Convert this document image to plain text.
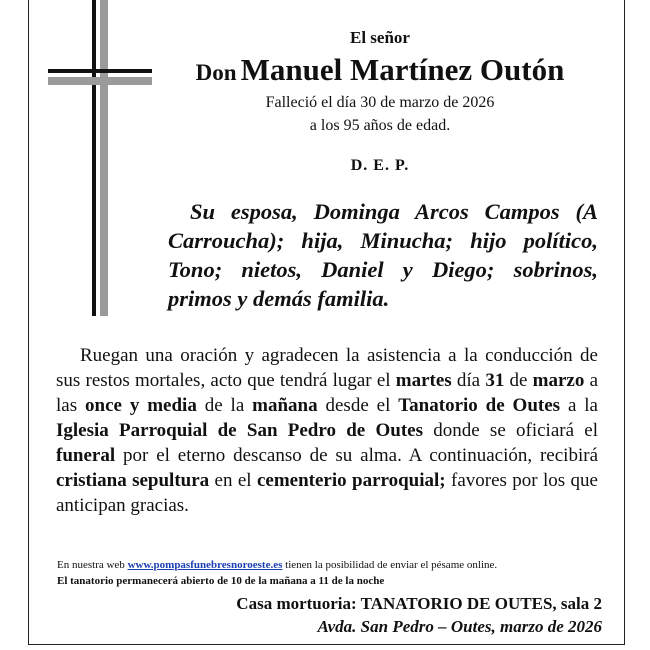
El señor
Don Manuel Martínez Outón
Falleció el día 30 de marzo de 2026
a los 95 años de edad.
D. E. P.
Su esposa, Dominga Arcos Campos (A Carroucha); hija, Minucha; hijo político, Tono; nietos, Daniel y Diego; sobrinos, primos y demás familia.
Ruegan una oración y agradecen la asistencia a la conducción de sus restos mortales, acto que tendrá lugar el martes día 31 de marzo a las once y media de la mañana desde el Tanatorio de Outes a la Iglesia Parroquial de San Pedro de Outes donde se oficiará el funeral por el eterno descanso de su alma. A continuación, recibirá cristiana sepultura en el cementerio parroquial; favores por los que anticipan gracias.
En nuestra web www.pompasfunebresnoroeste.es tienen la posibilidad de enviar el pésame online.
El tanatorio permanecerá abierto de 10 de la mañana a 11 de la noche
Casa mortuoria: TANATORIO DE OUTES, sala 2
Avda. San Pedro – Outes, marzo de 2026
